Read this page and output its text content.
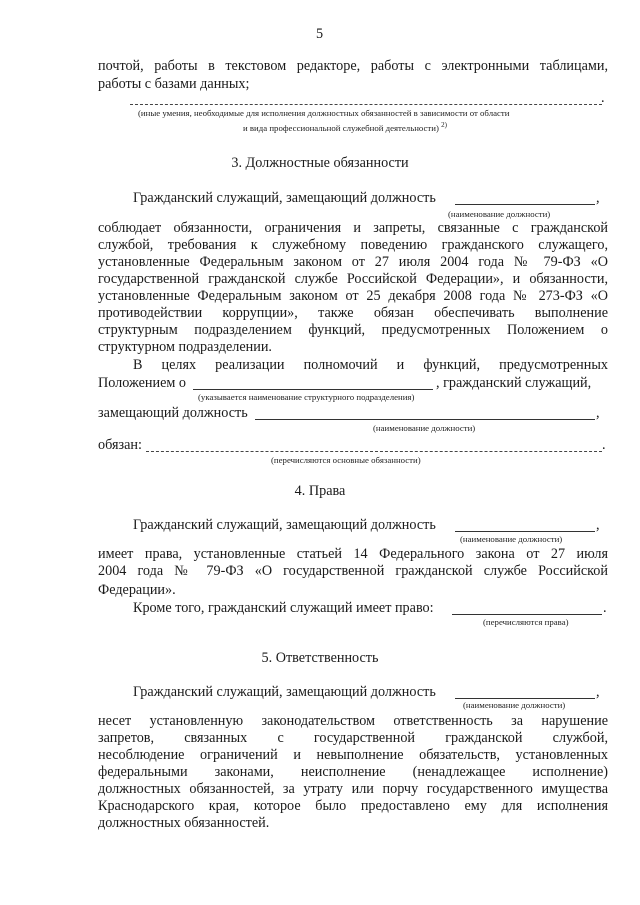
5
почтой, работы в текстовом редакторе, работы с электронными таблицами,
работы с базами данных;
.
(иные умения, необходимые для исполнения должностных обязанностей в зависимости от области
и вида профессиональной служебной деятельности) $^{2)}$
3. Должностные обязанности
Гражданский служащий, замещающий должность	,
(наименование должности)
соблюдает обязанности, ограничения и запреты, связанные с гражданской
службой, требования к служебному поведению гражданского служащего,
установленные Федеральным законом от 27 июля 2004 года № 79-ФЗ «О
государственной гражданской службе Российской Федерации», и обязанности,
установленные Федеральным законом от 25 декабря 2008 года № 273-ФЗ «О
противодействии коррупции», также обязан обеспечивать выполнение
структурным подразделением функций, предусмотренных Положением о
структурном подразделении.
В целях реализации полномочий и функций, предусмотренных
Положением о	, гражданский служащий,
(указывается наименование структурного подразделения)
замещающий должность	,
(наименование должности)
обязан:	.
(перечисляются основные обязанности)
4. Права
Гражданский служащий, замещающий должность	,
(наименование должности)
имеет права, установленные статьей 14 Федерального закона от 27 июля
2004 года № 79-ФЗ «О государственной гражданской службе Российской
Федерации».
Кроме того, гражданский служащий имеет право:	.
(перечисляются права)
5. Ответственность
Гражданский служащий, замещающий должность	,
(наименование должности)
несет установленную законодательством ответственность за нарушение
запретов, связанных с государственной гражданской службой,
несоблюдение ограничений и невыполнение обязательств, установленных
федеральными законами, неисполнение (ненадлежащее исполнение)
должностных обязанностей, за утрату или порчу государственного имущества
Краснодарского края, которое было предоставлено ему для исполнения
должностных обязанностей.
